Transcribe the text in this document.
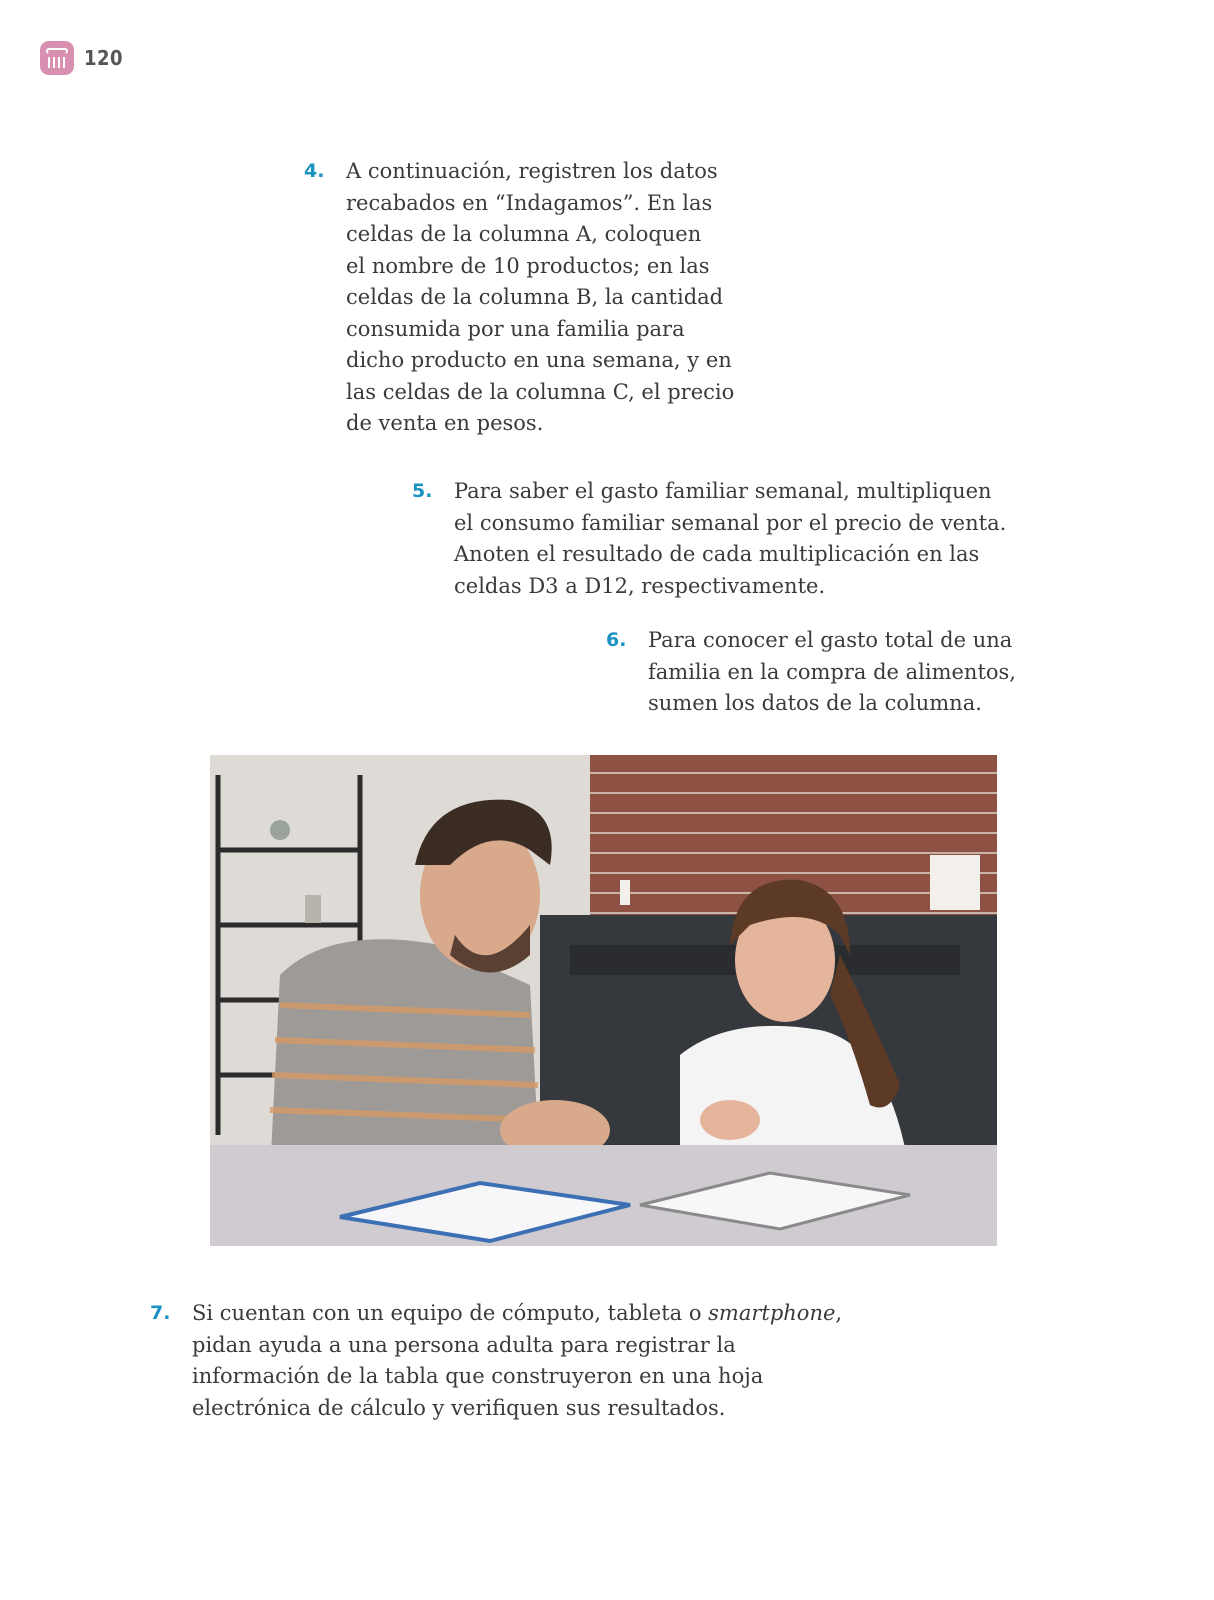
120
4.	A continuación, registren los datos
recabados en “Indagamos”. En las
celdas de la columna A, coloquen
el nombre de 10 productos; en las
celdas de la columna B, la cantidad
consumida por una familia para
dicho producto en una semana, y en
las celdas de la columna C, el precio
de venta en pesos.
5.	Para saber el gasto familiar semanal, multipliquen
el consumo familiar semanal por el precio de venta.
Anoten el resultado de cada multiplicación en las
celdas D3 a D12, respectivamente.
6.	Para conocer el gasto total de una
familia en la compra de alimentos,
sumen los datos de la columna.
7.	Si cuentan con un equipo de cómputo, tableta o smartphone,
pidan ayuda a una persona adulta para registrar la
información de la tabla que construyeron en una hoja
electrónica de cálculo y verifiquen sus resultados.
